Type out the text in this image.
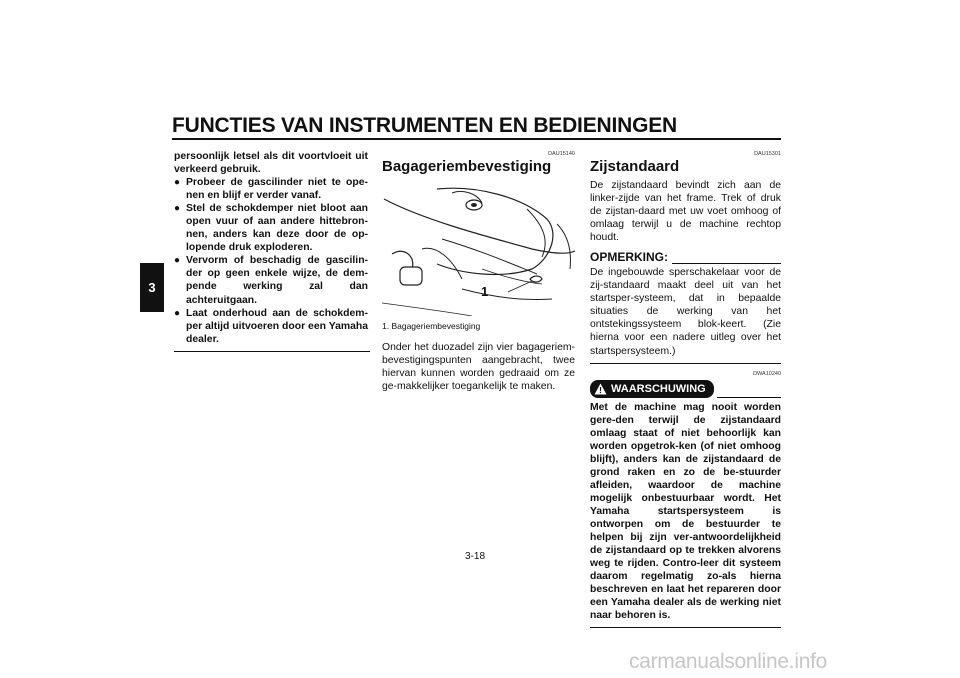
FUNCTIES VAN INSTRUMENTEN EN BEDIENINGEN
3

persoonlijk letsel als dit voortvloeit uit verkeerd gebruik.

● Probeer de gascilinder niet te ope-nen en blijf er verder vanaf.
● Stel de schokdemper niet bloot aan open vuur of aan andere hittebron-nen, anders kan deze door de op-lopende druk exploderen.
● Vervorm of beschadig de gascilin-der op geen enkele wijze, de dem-pende werking zal dan achteruitgaan.
● Laat onderhoud aan de schokdem-per altijd uitvoeren door een Yamaha dealer.
DAU15140
Bagageriembevestiging
1
1. Bagageriembevestiging

Onder het duozadel zijn vier bagageriem-bevestigingspunten aangebracht, twee hiervan kunnen worden gedraaid om ze ge-makkelijker toegankelijk te maken.

DAU15301
Zijstandaard

De zijstandaard bevindt zich aan de linker-zijde van het frame. Trek of druk de zijstan-daard met uw voet omhoog of omlaag terwijl u de machine rechtop houdt.

OPMERKING:

De ingebouwde sperschakelaar voor de zij-standaard maakt deel uit van het startsper-systeem, dat in bepaalde situaties de werking van het ontstekingssysteem blok-keert. (Zie hierna voor een nadere uitleg over het startspersysteem.)

DWA10240
WAARSCHUWING

Met de machine mag nooit worden gere-den terwijl de zijstandaard omlaag staat of niet behoorlijk kan worden opgetrok-ken (of niet omhoog blijft), anders kan de zijstandaard de grond raken en zo de be-stuurder afleiden, waardoor de machine mogelijk onbestuurbaar wordt. Het Yamaha startspersysteem is ontworpen om de bestuurder te helpen bij zijn ver-antwoordelijkheid de zijstandaard op te trekken alvorens weg te rijden. Contro-leer dit systeem daarom regelmatig zo-als hierna beschreven en laat het repareren door een Yamaha dealer als de werking niet naar behoren is.

3-18
carmanualsonline.info
